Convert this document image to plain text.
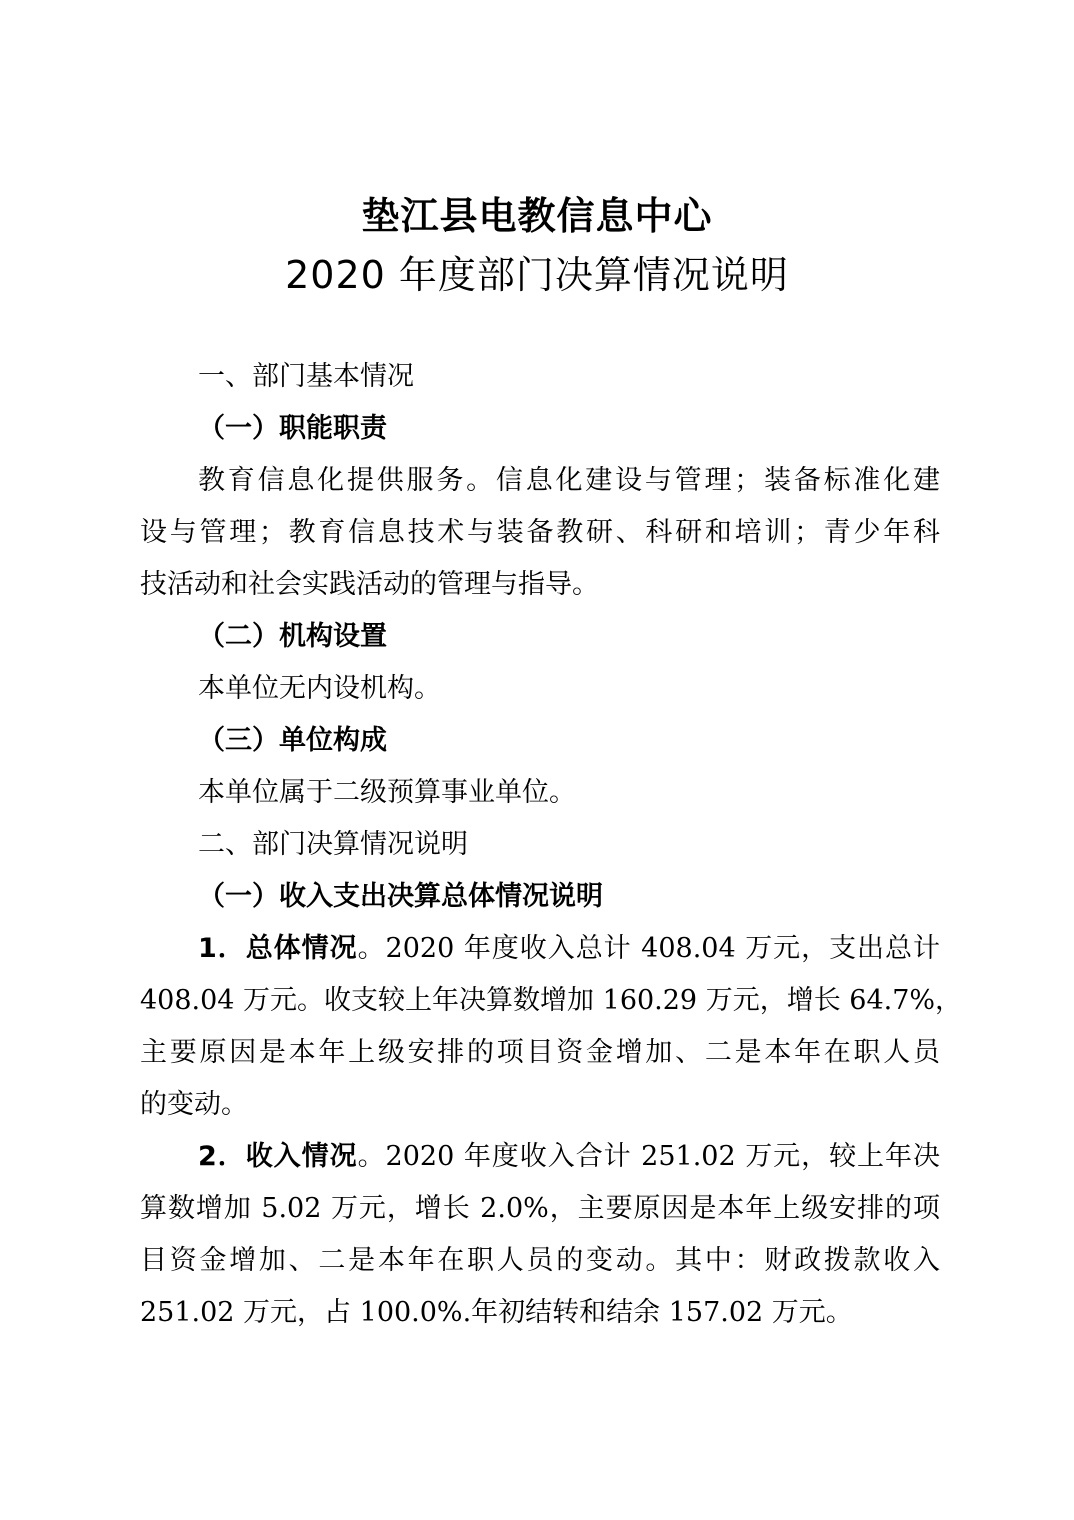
垫江县电教信息中心
2020 年度部门决算情况说明
一、部门基本情况
（一）职能职责
教育信息化提供服务。信息化建设与管理；装备标准化建
设与管理；教育信息技术与装备教研、科研和培训；青少年科
技活动和社会实践活动的管理与指导。
（二）机构设置
本单位无内设机构。
（三）单位构成
本单位属于二级预算事业单位。
二、部门决算情况说明
（一）收入支出决算总体情况说明
1．总体情况。2020 年度收入总计 408.04 万元，支出总计
408.04 万元。收支较上年决算数增加 160.29 万元，增长 64.7%，
主要原因是本年上级安排的项目资金增加、二是本年在职人员
的变动。
2．收入情况。2020 年度收入合计 251.02 万元，较上年决
算数增加 5.02 万元，增长 2.0%，主要原因是本年上级安排的项
目资金增加、二是本年在职人员的变动。其中：财政拨款收入
251.02 万元，占 100.0%.年初结转和结余 157.02 万元。
